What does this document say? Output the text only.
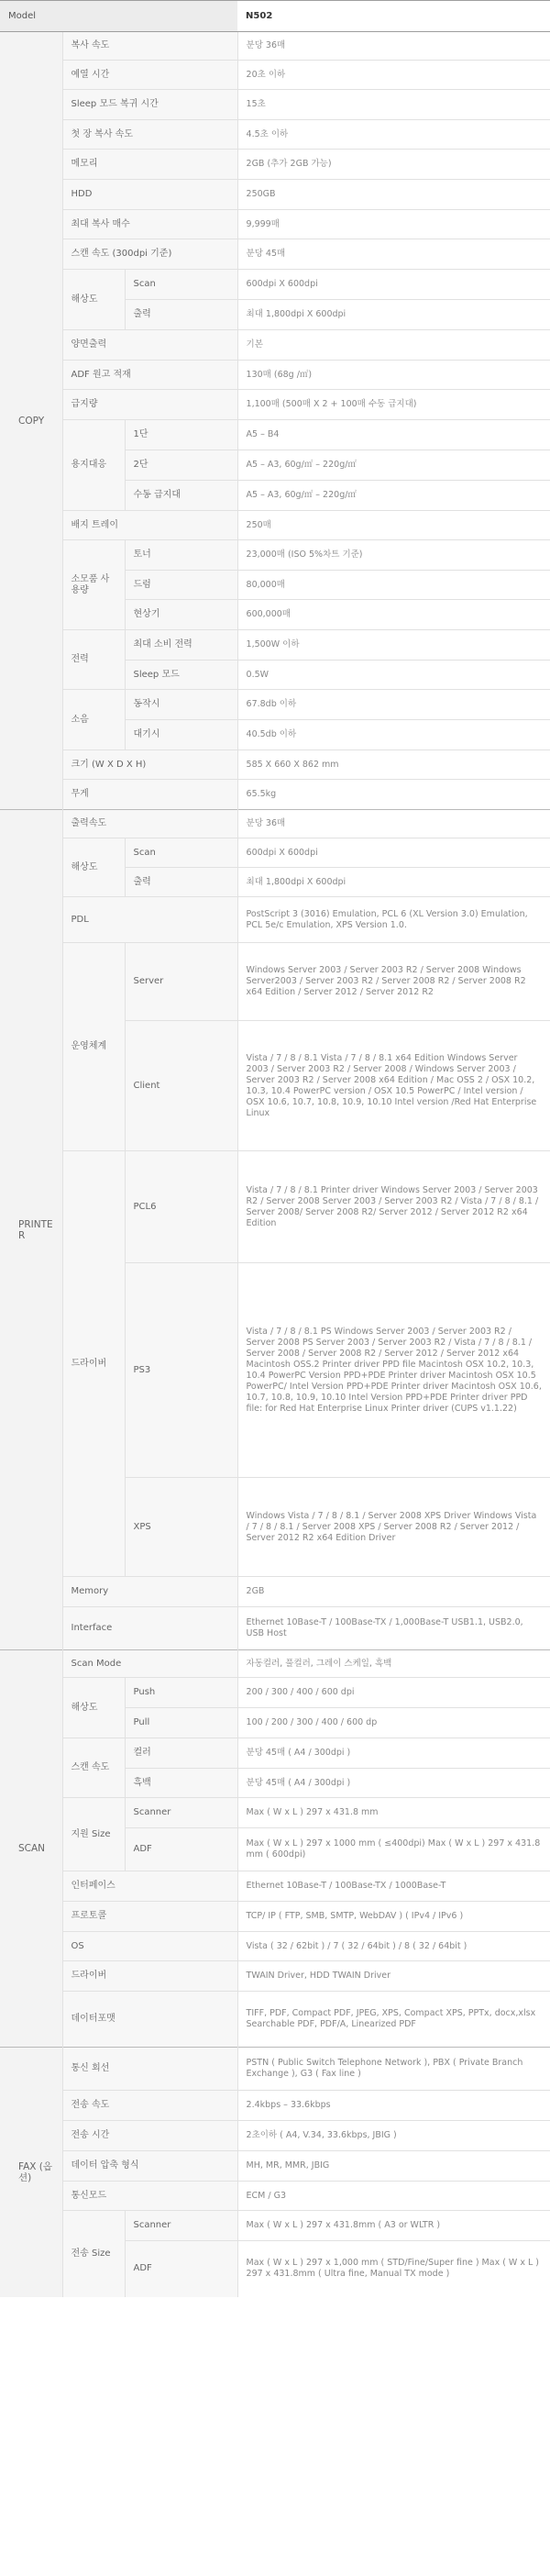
Model			N502
COPY	복사 속도		분당 36매
	예열 시간		20초 이하
	Sleep 모드 복귀 시간		15초
	첫 장 복사 속도		4.5초 이하
	메모리		2GB (추가 2GB 가능)
	HDD		250GB
	최대 복사 매수		9,999매
	스캔 속도 (300dpi 기준)		분당 45매
	해상도	Scan	600dpi X 600dpi
		출력	최대 1,800dpi X 600dpi
	양면출력		기본
	ADF 원고 적재		130매 (68g /㎡)
	급지량		1,100매 (500매 X 2 + 100매 수동 급지대)
	용지대응	1단	A5 – B4
		2단	A5 – A3, 60g/㎡ – 220g/㎡
		수동 급지대	A5 – A3, 60g/㎡ – 220g/㎡
	배지 트레이		250매
	소모품 사용량	토너	23,000매 (ISO 5%차트 기준)
		드럼	80,000매
		현상기	600,000매
	전력	최대 소비 전력	1,500W 이하
		Sleep 모드	0.5W
	소음	동작시	67.8db 이하
		대기시	40.5db 이하
	크기 (W X D X H)		585 X 660 X 862 mm
	무게		65.5kg
PRINTER	출력속도		분당 36매
	해상도	Scan	600dpi X 600dpi
		출력	최대 1,800dpi X 600dpi
	PDL		PostScript 3 (3016) Emulation, PCL 6 (XL Version 3.0) Emulation, PCL 5e/c Emulation, XPS Version 1.0.
	운영체계	Server	Windows Server 2003 / Server 2003 R2 / Server 2008 Windows Server2003 / Server 2003 R2 / Server 2008 R2 / Server 2008 R2 x64 Edition / Server 2012 / Server 2012 R2
		Client	Vista / 7 / 8 / 8.1 Vista / 7 / 8 / 8.1 x64 Edition Windows Server 2003 / Server 2003 R2 / Server 2008 / Windows Server 2003 / Server 2003 R2 / Server 2008 x64 Edition / Mac OSS 2 / OSX 10.2, 10.3, 10.4 PowerPC version / OSX 10.5 PowerPC / Intel version / OSX 10.6, 10.7, 10.8, 10.9, 10.10 Intel version /Red Hat Enterprise Linux
	드라이버	PCL6	Vista / 7 / 8 / 8.1 Printer driver Windows Server 2003 / Server 2003 R2 / Server 2008 Server 2003 / Server 2003 R2 / Vista / 7 / 8 / 8.1 / Server 2008/ Server 2008 R2/ Server 2012 / Server 2012 R2 x64 Edition
		PS3	Vista / 7 / 8 / 8.1 PS Windows Server 2003 / Server 2003 R2 / Server 2008 PS Server 2003 / Server 2003 R2 / Vista / 7 / 8 / 8.1 / Server 2008 / Server 2008 R2 / Server 2012 / Server 2012 x64 Macintosh OSS.2 Printer driver PPD file Macintosh OSX 10.2, 10.3, 10.4 PowerPC Version PPD+PDE Printer driver Macintosh OSX 10.5 PowerPC/ Intel Version PPD+PDE Printer driver Macintosh OSX 10.6, 10.7, 10.8, 10.9, 10.10 Intel Version PPD+PDE Printer driver PPD file: for Red Hat Enterprise Linux Printer driver (CUPS v1.1.22)
		XPS	Windows Vista / 7 / 8 / 8.1 / Server 2008 XPS Driver Windows Vista / 7 / 8 / 8.1 / Server 2008 XPS / Server 2008 R2 / Server 2012 / Server 2012 R2 x64 Edition Driver
	Memory		2GB
	Interface		Ethernet 10Base-T / 100Base-TX / 1,000Base-T USB1.1, USB2.0, USB Host
SCAN	Scan Mode		자동컬러, 풀컬러, 그레이 스케일, 흑백
	해상도	Push	200 / 300 / 400 / 600 dpi
		Pull	100 / 200 / 300 / 400 / 600 dp
	스캔 속도	컬러	분당 45매 ( A4 / 300dpi )
		흑백	분당 45매 ( A4 / 300dpi )
	지원 Size	Scanner	Max ( W x L ) 297 x 431.8 mm
		ADF	Max ( W x L ) 297 x 1000 mm ( ≤400dpi) Max ( W x L ) 297 x 431.8 mm ( 600dpi)
	인터페이스		Ethernet 10Base-T / 100Base-TX / 1000Base-T
	프로토콜		TCP/ IP ( FTP, SMB, SMTP, WebDAV ) ( IPv4 / IPv6 )
	OS		Vista ( 32 / 62bit ) / 7 ( 32 / 64bit ) / 8 ( 32 / 64bit )
	드라이버		TWAIN Driver, HDD TWAIN Driver
	데이터포맷		TIFF, PDF, Compact PDF, JPEG, XPS, Compact XPS, PPTx, docx,xlsx Searchable PDF, PDF/A, Linearized PDF
FAX (옵션)	통신 회선		PSTN ( Public Switch Telephone Network ), PBX ( Private Branch Exchange ), G3 ( Fax line )
	전송 속도		2.4kbps – 33.6kbps
	전송 시간		2초이하 ( A4, V.34, 33.6kbps, JBIG )
	데이터 압축 형식		MH, MR, MMR, JBIG
	통신모드		ECM / G3
	전송 Size	Scanner	Max ( W x L ) 297 x 431.8mm ( A3 or WLTR )
		ADF	Max ( W x L ) 297 x 1,000 mm ( STD/Fine/Super fine ) Max ( W x L ) 297 x 431.8mm ( Ultra fine, Manual TX mode )
